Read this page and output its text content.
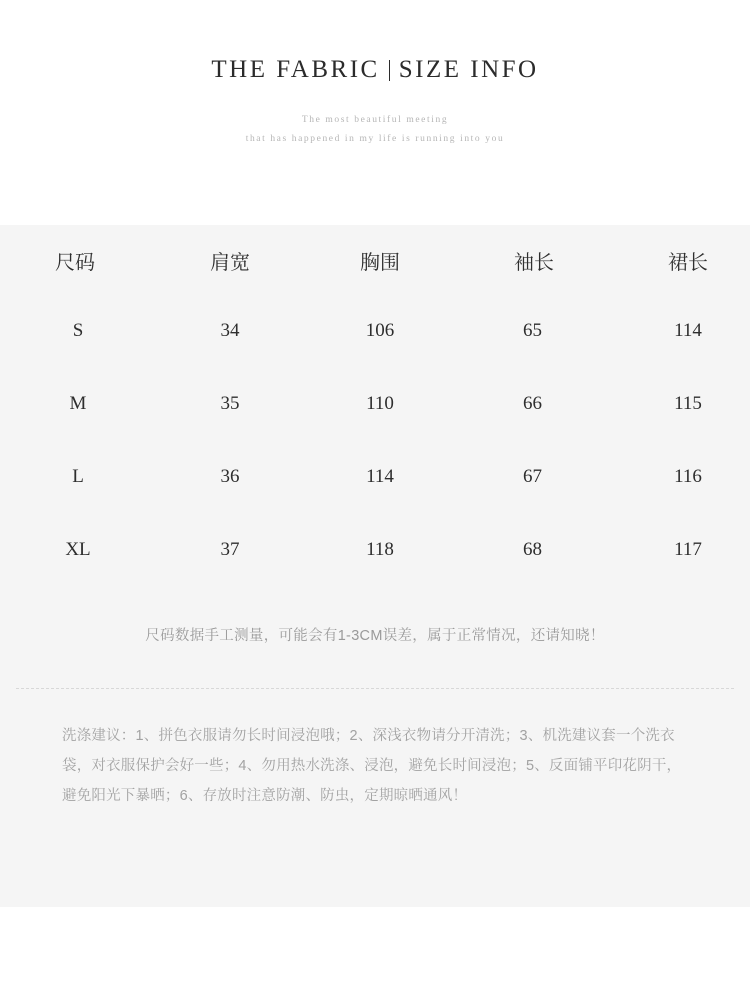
THE FABRIC SIZE INFO
The most beautiful meeting
that has happened in my life is running into you
尺码	肩宽	胸围	袖长	裙长
S	34	106	65	114
M	35	110	66	115
L	36	114	67	116
XL	37	118	68	117
尺码数据手工测量，可能会有1-3CM误差，属于正常情况，还请知晓！
洗涤建议：1、拼色衣服请勿长时间浸泡哦；2、深浅衣物请分开清洗；3、机洗建议套一个洗衣袋，对衣服保护会好一些；4、勿用热水洗涤、浸泡，避免长时间浸泡；5、反面铺平印花阴干，避免阳光下暴晒；6、存放时注意防潮、防虫，定期晾晒通风！
